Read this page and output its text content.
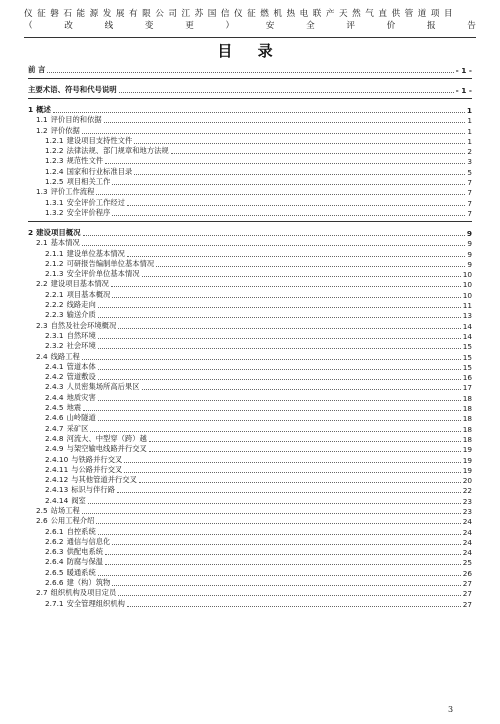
仪 征 磐 石 能 源 发 展 有 限 公 司 江 苏 国 信 仪 征 燃 机 热 电 联 产 天 然 气 直 供 管 道 项 目
（	改	线	变	更	）	安	全	评	价	报	告
目 录
前 言	- 1 -
主要术语、符号和代号说明	- 1 -
1 概述	1
1.1 评价目的和依据	1
1.2 评价依据	1
1.2.1 建设项目支持性文件	1
1.2.2 法律法规、部门规章和地方法规	2
1.2.3 规范性文件	3
1.2.4 国家和行业标准目录	5
1.2.5 项目相关工作	7
1.3 评价工作流程	7
1.3.1 安全评价工作经过	7
1.3.2 安全评价程序	7
2 建设项目概况	9
2.1 基本情况	9
2.1.1 建设单位基本情况	9
2.1.2 可研报告编制单位基本情况	9
2.1.3 安全评价单位基本情况	10
2.2 建设项目基本情况	10
2.2.1 项目基本概况	10
2.2.2 线路走向	11
2.2.3 输送介质	13
2.3 自然及社会环境概况	14
2.3.1 自然环境	14
2.3.2 社会环境	15
2.4 线路工程	15
2.4.1 管道本体	15
2.4.2 管道敷设	16
2.4.3 人员密集场所高后果区	17
2.4.4 地质灾害	18
2.4.5 地震	18
2.4.6 山岭隧道	18
2.4.7 采矿区	18
2.4.8 河流大、中型穿（跨）越	18
2.4.9 与架空输电线路并行交叉	19
2.4.10 与铁路并行交叉	19
2.4.11 与公路并行交叉	19
2.4.12 与其他管道并行交叉	20
2.4.13 标识与伴行路	22
2.4.14 阀室	23
2.5 站场工程	23
2.6 公用工程介绍	24
2.6.1 自控系统	24
2.6.2 通信与信息化	24
2.6.3 供配电系统	24
2.6.4 防腐与保温	25
2.6.5 暖通系统	26
2.6.6 建（构）筑物	27
2.7 组织机构及项目定员	27
2.7.1 安全管理组织机构	27
3
